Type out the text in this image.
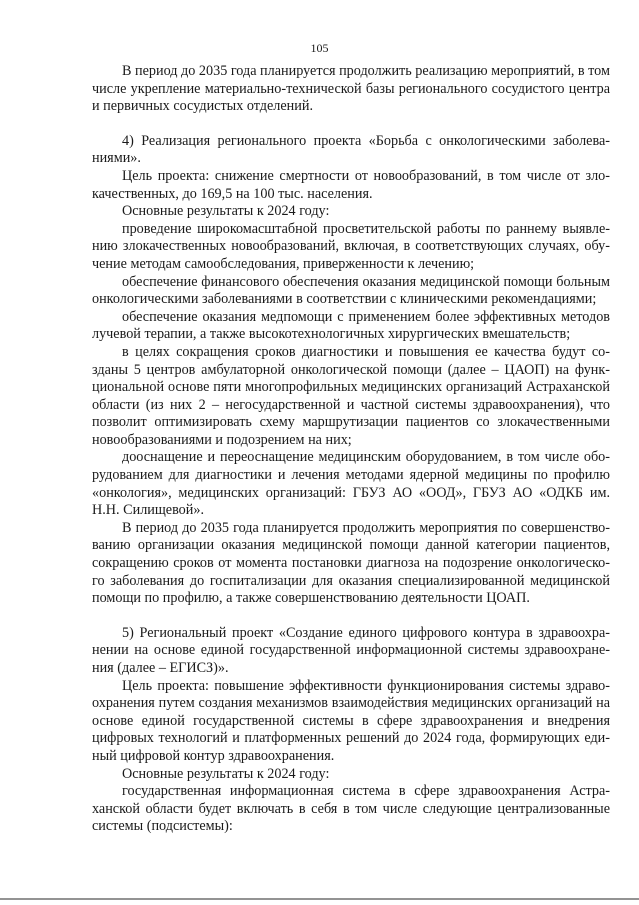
105

В период до 2035 года планируется продолжить реализацию мероприятий, в том числе укрепление материально-технической базы регионального сосудистого центра и первичных сосудистых отделений.

4) Реализация регионального проекта «Борьба с онкологическими заболева-ниями».

Цель проекта: снижение смертности от новообразований, в том числе от зло-качественных, до 169,5 на 100 тыс. населения.

Основные результаты к 2024 году:

проведение широкомасштабной просветительской работы по раннему выявле-нию злокачественных новообразований, включая, в соответствующих случаях, обу-чение методам самообследования, приверженности к лечению;

обеспечение финансового обеспечения оказания медицинской помощи больным онкологическими заболеваниями в соответствии с клиническими рекомендациями;

обеспечение оказания медпомощи с применением более эффективных методов лучевой терапии, а также высокотехнологичных хирургических вмешательств;

в целях сокращения сроков диагностики и повышения ее качества будут со-зданы 5 центров амбулаторной онкологической помощи (далее – ЦАОП) на функ-циональной основе пяти многопрофильных медицинских организаций Астраханской области (из них 2 – негосударственной и частной системы здравоохранения), что позволит оптимизировать схему маршрутизации пациентов со злокачественными новообразованиями и подозрением на них;

дооснащение и переоснащение медицинским оборудованием, в том числе обо-рудованием для диагностики и лечения методами ядерной медицины по профилю «онкология», медицинских организаций: ГБУЗ АО «ООД», ГБУЗ АО «ОДКБ им. Н.Н. Силищевой».

В период до 2035 года планируется продолжить мероприятия по совершенство-ванию организации оказания медицинской помощи данной категории пациентов, сокращению сроков от момента постановки диагноза на подозрение онкологическо-го заболевания до госпитализации для оказания специализированной медицинской помощи по профилю, а также совершенствованию деятельности ЦОАП.

5) Региональный проект «Создание единого цифрового контура в здравоохра-нении на основе единой государственной информационной системы здравоохране-ния (далее – ЕГИСЗ)».

Цель проекта: повышение эффективности функционирования системы здраво-охранения путем создания механизмов взаимодействия медицинских организаций на основе единой государственной системы в сфере здравоохранения и внедрения цифровых технологий и платформенных решений до 2024 года, формирующих еди-ный цифровой контур здравоохранения.

Основные результаты к 2024 году:

государственная информационная система в сфере здравоохранения Астра-ханской области будет включать в себя в том числе следующие централизованные системы (подсистемы):
